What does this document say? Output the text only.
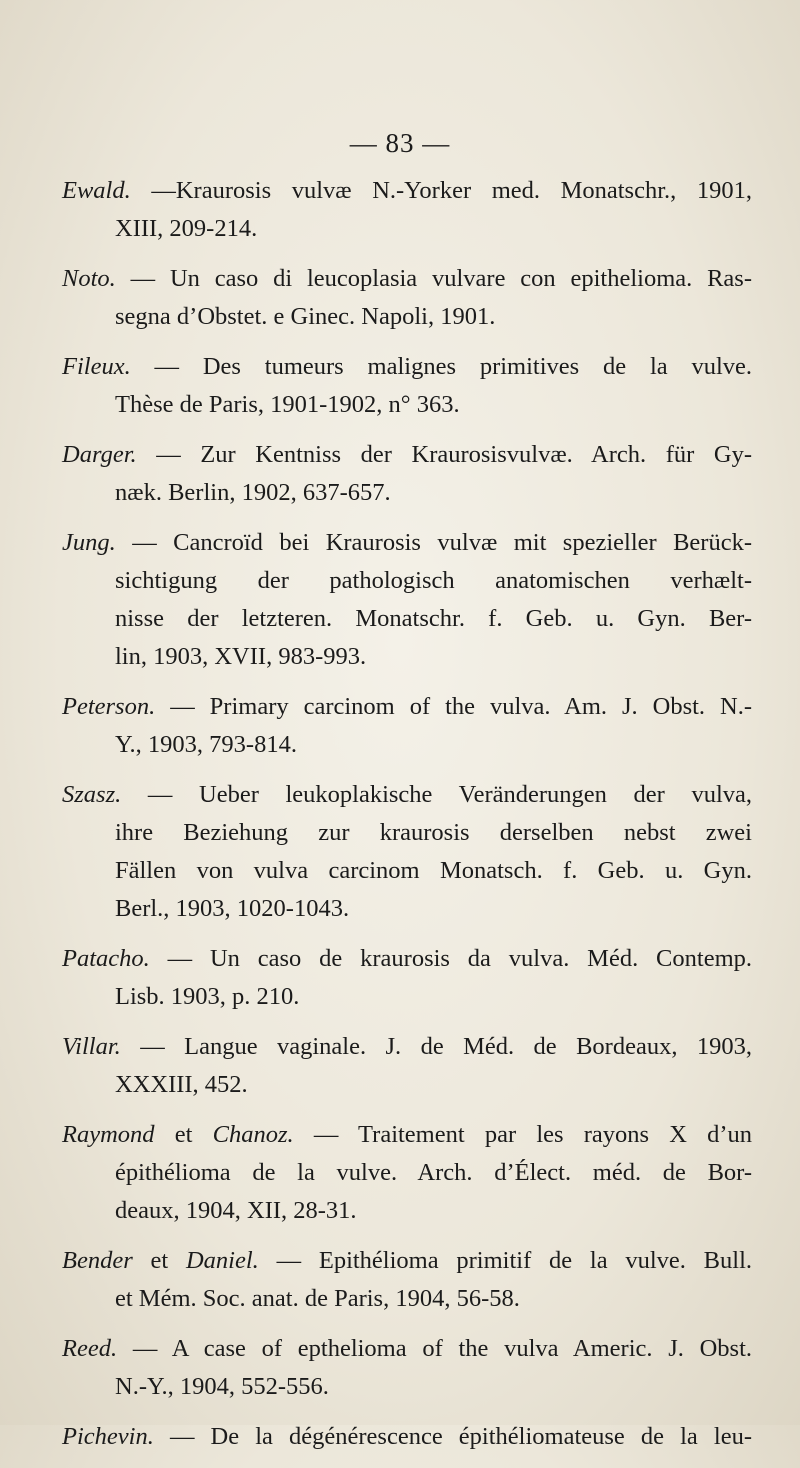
— 83 —
Ewald. —Kraurosis vulvæ N.-Yorker med. Monatschr., 1901,
XIII, 209-214.
Noto. — Un caso di leucoplasia vulvare con epithelioma. Ras-
segna d’Obstet. e Ginec. Napoli, 1901.
Fileux. — Des tumeurs malignes primitives de la vulve.
Thèse de Paris, 1901-1902, n° 363.
Darger. — Zur Kentniss der Kraurosisvulvæ. Arch. für Gy-
næk. Berlin, 1902, 637-657.
Jung. — Cancroïd bei Kraurosis vulvæ mit spezieller Berück-
sichtigung der pathologisch anatomischen verhælt-
nisse der letzteren. Monatschr. f. Geb. u. Gyn. Ber-
lin, 1903, XVII, 983-993.
Peterson. — Primary carcinom of the vulva. Am. J. Obst. N.-
Y., 1903, 793-814.
Szasz. — Ueber leukoplakische Veränderungen der vulva,
ihre Beziehung zur kraurosis derselben nebst zwei
Fällen von vulva carcinom Monatsch. f. Geb. u. Gyn.
Berl., 1903, 1020-1043.
Patacho. — Un caso de kraurosis da vulva. Méd. Contemp.
Lisb. 1903, p. 210.
Villar. — Langue vaginale. J. de Méd. de Bordeaux, 1903,
XXXIII, 452.
Raymond et Chanoz. — Traitement par les rayons X d’un
épithélioma de la vulve. Arch. d’Élect. méd. de Bor-
deaux, 1904, XII, 28-31.
Bender et Daniel. — Epithélioma primitif de la vulve. Bull.
et Mém. Soc. anat. de Paris, 1904, 56-58.
Reed. — A case of epthelioma of the vulva Americ. J. Obst.
N.-Y., 1904, 552-556.
Pichevin. — De la dégénérescence épithéliomateuse de la leu-
